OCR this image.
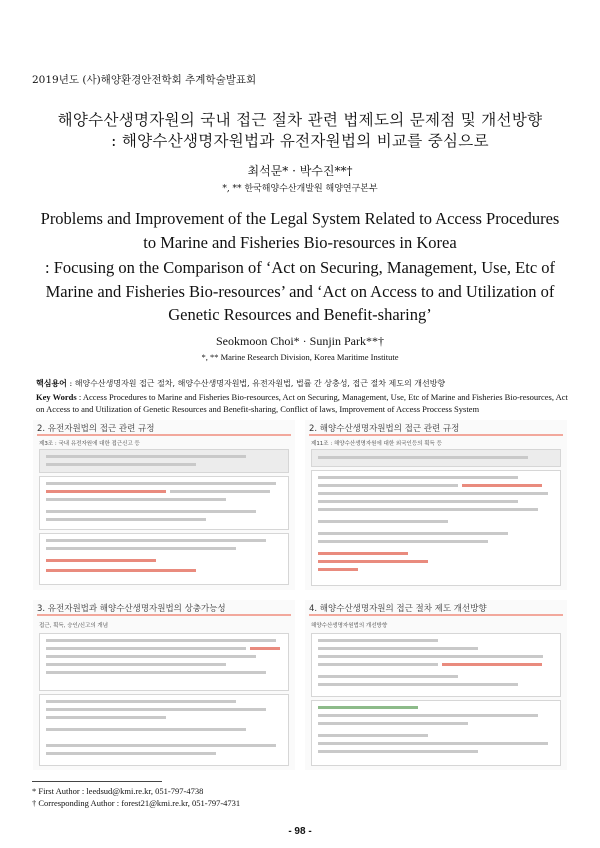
2019년도 (사)해양환경안전학회 추계학술발표회
해양수산생명자원의 국내 접근 절차 관련 법제도의 문제점 및 개선방향
: 해양수산생명자원법과 유전자원법의 비교를 중심으로
최석문* · 박수진**†
*, ** 한국해양수산개발원 해양연구본부
Problems and Improvement of the Legal System Related to Access Procedures
to Marine and Fisheries Bio-resources in Korea
: Focusing on the Comparison of ‘Act on Securing, Management, Use, Etc of
Marine and Fisheries Bio-resources’ and ‘Act on Access to and Utilization of
Genetic Resources and Benefit-sharing’
Seokmoon Choi* · Sunjin Park**†
*, ** Marine Research Division, Korea Maritime Institute
핵심용어 : 해양수산생명자원 접근 절차, 해양수산생명자원법, 유전자원법, 법률 간 상충성, 접근 절차 제도의 개선방향
Key Words : Access Procedures to Marine and Fisheries Bio-resources, Act on Securing, Management, Use, Etc of Marine and Fisheries Bio-resources, Act on Access to and Utilization of Genetic Resources and Benefit-sharing, Conflict of laws, Improvement of Access Proccess System
2. 유전자원법의 접근 관련 규정
제3조 : 국내 유전자원에 대한 접근신고 등
2. 해양수산생명자원법의 접근 관련 규정
제11조 : 해양수산생명자원에 대한 외국인등의 획득 등
3. 유전자원법과 해양수산생명자원법의 상충가능성
접근, 획득, 승인/신고의 개념
4. 해양수산생명자원의 접근 절차 제도 개선방향
해양수산생명자원법의 개선방향
* First Author : leedsud@kmi.re.kr, 051-797-4738
† Corresponding Author : forest21@kmi.re.kr, 051-797-4731
- 98 -
